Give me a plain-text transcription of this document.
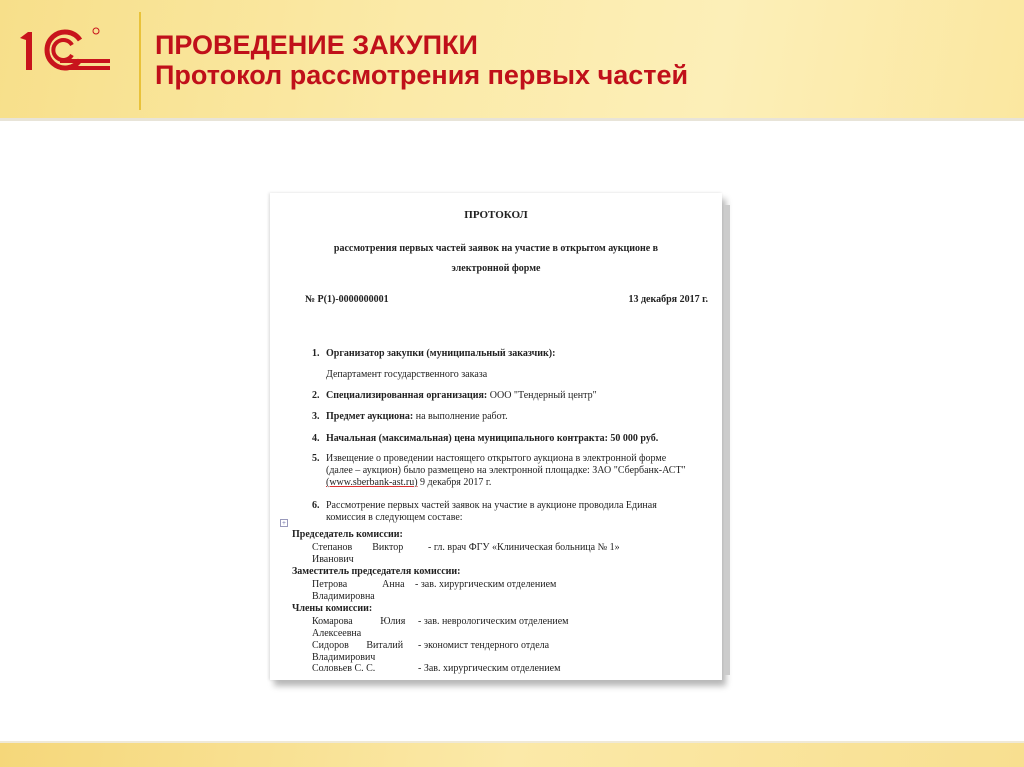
ПРОВЕДЕНИЕ ЗАКУПКИ
Протокол рассмотрения первых частей
ПРОТОКОЛ
рассмотрения первых частей заявок на участие в открытом аукционе в
электронной форме
№ Р(1)-0000000001	13 декабря 2017 г.
1. Организатор закупки (муниципальный заказчик):
Департамент государственного заказа
2. Специализированная организация: ООО "Тендерный центр"
3. Предмет аукциона: на выполнение работ.
4. Начальная (максимальная) цена муниципального контракта: 50 000 руб.
5. Извещение о проведении настоящего открытого аукциона в электронной форме
(далее – аукцион) было размещено на электронной площадке: ЗАО "Сбербанк-АСТ"
(www.sberbank-ast.ru) 9 декабря 2017 г.
6. Рассмотрение первых частей заявок на участие в аукционе проводила Единая
комиссия в следующем составе:
+
Председатель комиссии:
Степанов        Виктор - гл. врач ФГУ «Клиническая больница № 1»
Иванович
Заместитель председателя комиссии:
Петрова              Анна - зав. хирургическим отделением
Владимировна
Члены комиссии:
Комарова           Юлия - зав. неврологическим отделением
Алексеевна
Сидоров       Виталий - экономист тендерного отдела
Владимирович
Соловьев С. С.	- Зав. хирургическим отделением
